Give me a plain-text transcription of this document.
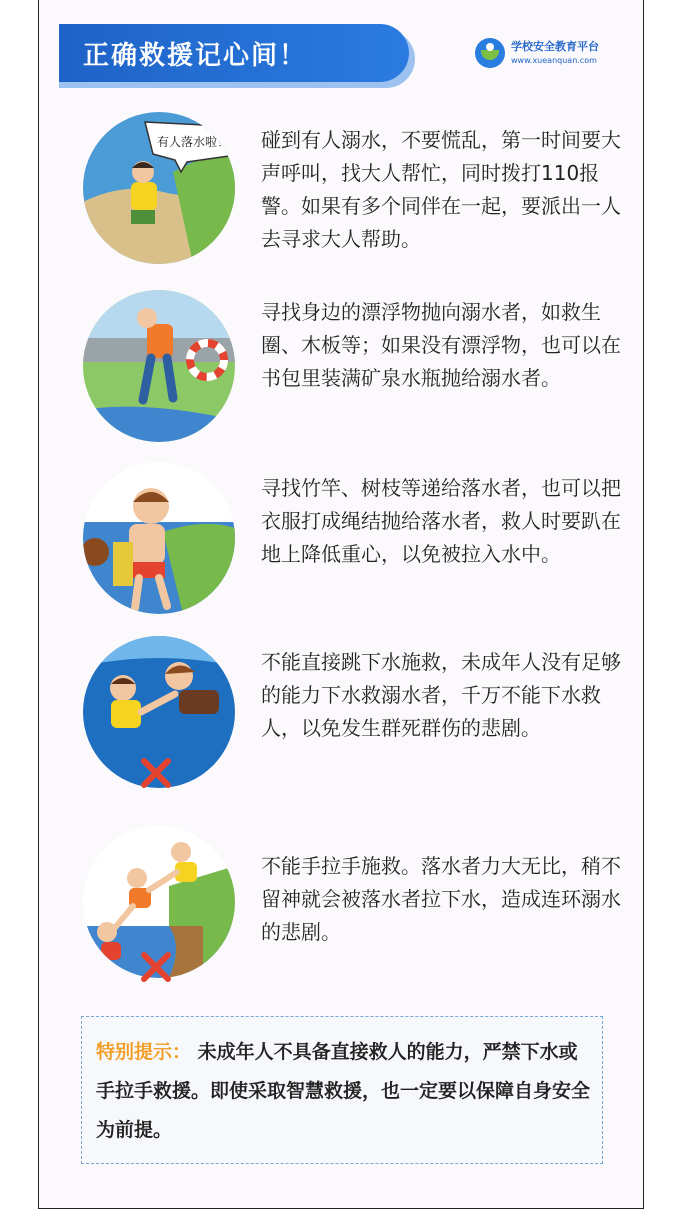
正确救援记心间！	学校安全教育平台
www.xueanquan.com
有人落水啦！ 碰到有人溺水，不要慌乱，第一时间要大声呼叫，找大人帮忙，同时拨打110报警。如果有多个同伴在一起，要派出一人去寻求大人帮助。
寻找身边的漂浮物抛向溺水者，如救生圈、木板等；如果没有漂浮物，也可以在书包里装满矿泉水瓶抛给溺水者。
寻找竹竿、树枝等递给落水者，也可以把衣服打成绳结抛给落水者，救人时要趴在地上降低重心，以免被拉入水中。
不能直接跳下水施救，未成年人没有足够的能力下水救溺水者，千万不能下水救人，以免发生群死群伤的悲剧。
不能手拉手施救。落水者力大无比，稍不留神就会被落水者拉下水，造成连环溺水的悲剧。
特别提示： 未成年人不具备直接救人的能力，严禁下水或手拉手救援。即使采取智慧救援，也一定要以保障自身安全为前提。
